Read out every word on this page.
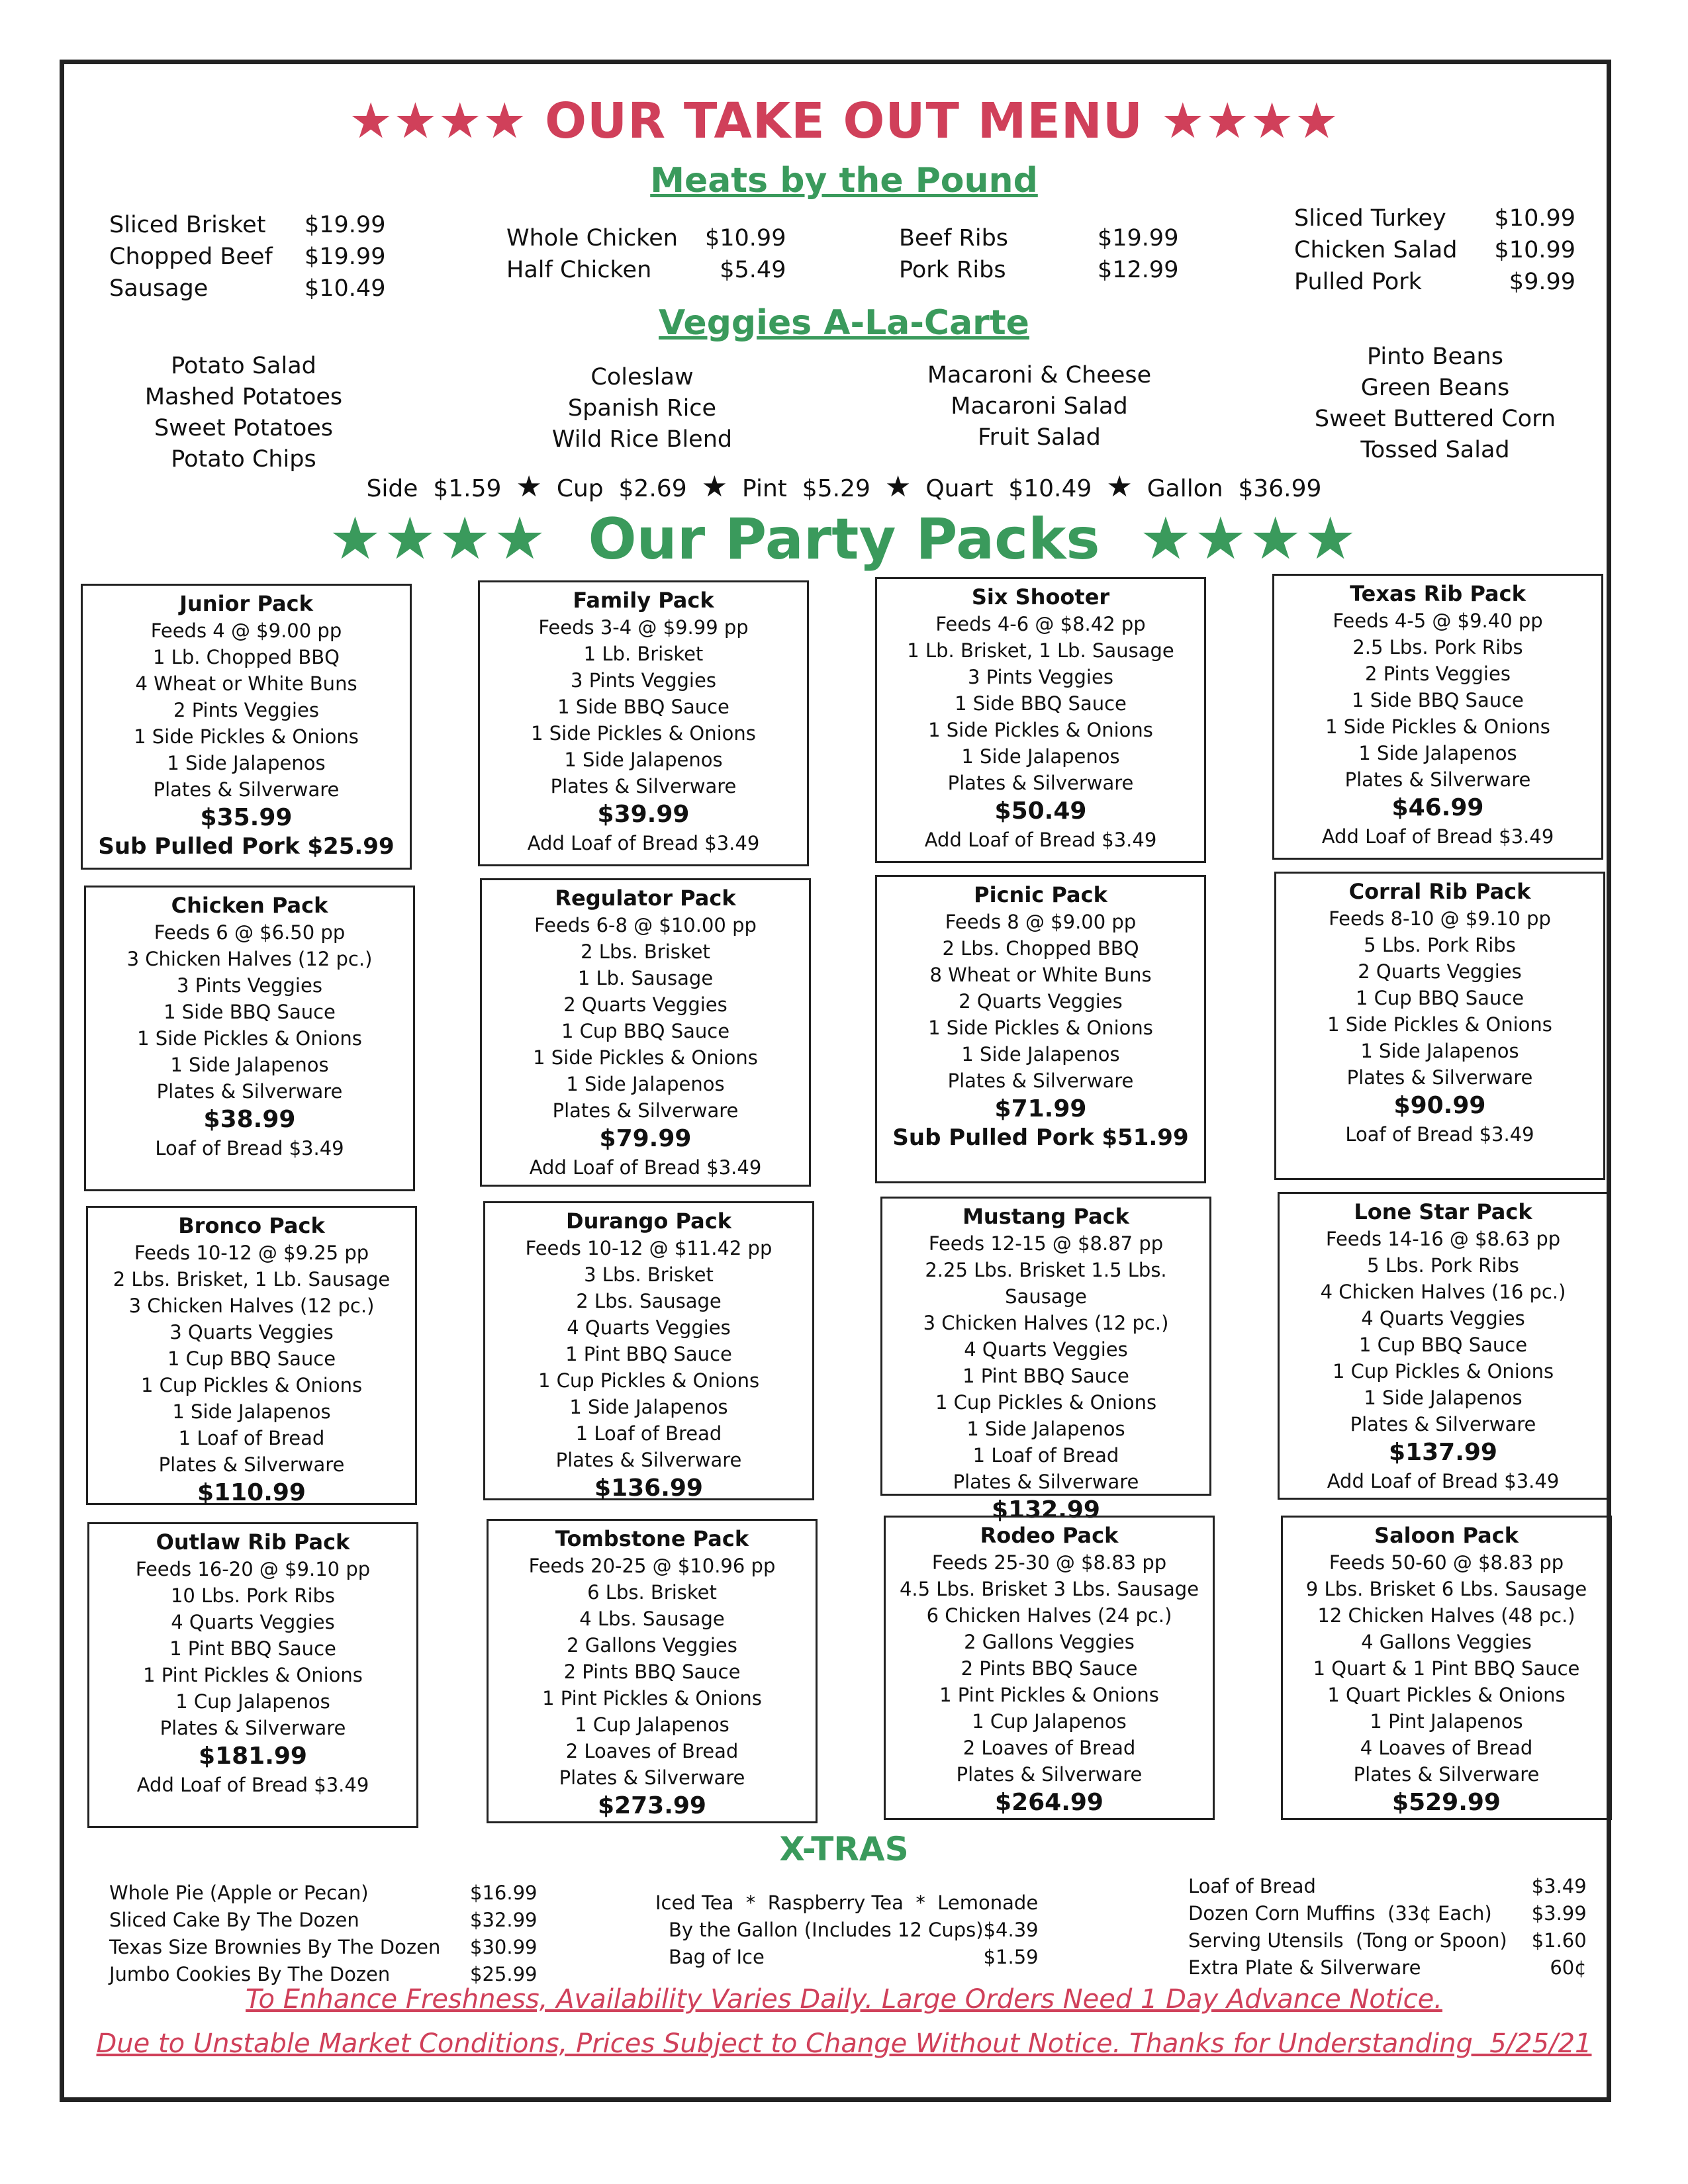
★★★★ OUR TAKE OUT MENU ★★★★
Meats by the Pound
Sliced Brisket	$19.99
Chopped Beef	$19.99
Sausage	$10.49
Whole Chicken	$10.99
Half Chicken	$5.49
Beef Ribs	$19.99
Pork Ribs	$12.99
Sliced Turkey	$10.99
Chicken Salad	$10.99
Pulled Pork	$9.99
Veggies A-La-Carte
Potato Salad
Mashed Potatoes
Sweet Potatoes
Potato Chips
Coleslaw
Spanish Rice
Wild Rice Blend
Macaroni & Cheese
Macaroni Salad
Fruit Salad
Pinto Beans
Green Beans
Sweet Buttered Corn
Tossed Salad
Side $1.59 ★ Cup $2.69 ★ Pint $5.29 ★ Quart $10.49 ★ Gallon $36.99
★★★★ Our Party Packs ★★★★
Junior Pack
Feeds 4 @ $9.00 pp
1 Lb. Chopped BBQ
4 Wheat or White Buns
2 Pints Veggies
1 Side Pickles & Onions
1 Side Jalapenos
Plates & Silverware
$35.99
Sub Pulled Pork $25.99
Family Pack
Feeds 3-4 @ $9.99 pp
1 Lb. Brisket
3 Pints Veggies
1 Side BBQ Sauce
1 Side Pickles & Onions
1 Side Jalapenos
Plates & Silverware
$39.99
Add Loaf of Bread $3.49
Six Shooter
Feeds 4-6 @ $8.42 pp
1 Lb. Brisket, 1 Lb. Sausage
3 Pints Veggies
1 Side BBQ Sauce
1 Side Pickles & Onions
1 Side Jalapenos
Plates & Silverware
$50.49
Add Loaf of Bread $3.49
Texas Rib Pack
Feeds 4-5 @ $9.40 pp
2.5 Lbs. Pork Ribs
2 Pints Veggies
1 Side BBQ Sauce
1 Side Pickles & Onions
1 Side Jalapenos
Plates & Silverware
$46.99
Add Loaf of Bread $3.49
Chicken Pack
Feeds 6 @ $6.50 pp
3 Chicken Halves (12 pc.)
3 Pints Veggies
1 Side BBQ Sauce
1 Side Pickles & Onions
1 Side Jalapenos
Plates & Silverware
$38.99
Loaf of Bread $3.49
Regulator Pack
Feeds 6-8 @ $10.00 pp
2 Lbs. Brisket
1 Lb. Sausage
2 Quarts Veggies
1 Cup BBQ Sauce
1 Side Pickles & Onions
1 Side Jalapenos
Plates & Silverware
$79.99
Add Loaf of Bread $3.49
Picnic Pack
Feeds 8 @ $9.00 pp
2 Lbs. Chopped BBQ
8 Wheat or White Buns
2 Quarts Veggies
1 Side Pickles & Onions
1 Side Jalapenos
Plates & Silverware
$71.99
Sub Pulled Pork $51.99
Corral Rib Pack
Feeds 8-10 @ $9.10 pp
5 Lbs. Pork Ribs
2 Quarts Veggies
1 Cup BBQ Sauce
1 Side Pickles & Onions
1 Side Jalapenos
Plates & Silverware
$90.99
Loaf of Bread $3.49
Bronco Pack
Feeds 10-12 @ $9.25 pp
2 Lbs. Brisket, 1 Lb. Sausage
3 Chicken Halves (12 pc.)
3 Quarts Veggies
1 Cup BBQ Sauce
1 Cup Pickles & Onions
1 Side Jalapenos
1 Loaf of Bread
Plates & Silverware
$110.99
Durango Pack
Feeds 10-12 @ $11.42 pp
3 Lbs. Brisket
2 Lbs. Sausage
4 Quarts Veggies
1 Pint BBQ Sauce
1 Cup Pickles & Onions
1 Side Jalapenos
1 Loaf of Bread
Plates & Silverware
$136.99
Mustang Pack
Feeds 12-15 @ $8.87 pp
2.25 Lbs. Brisket 1.5 Lbs. Sausage
3 Chicken Halves (12 pc.)
4 Quarts Veggies
1 Pint BBQ Sauce
1 Cup Pickles & Onions
1 Side Jalapenos
1 Loaf of Bread
Plates & Silverware
$132.99
Lone Star Pack
Feeds 14-16 @ $8.63 pp
5 Lbs. Pork Ribs
4 Chicken Halves (16 pc.)
4 Quarts Veggies
1 Cup BBQ Sauce
1 Cup Pickles & Onions
1 Side Jalapenos
Plates & Silverware
$137.99
Add Loaf of Bread $3.49
Outlaw Rib Pack
Feeds 16-20 @ $9.10 pp
10 Lbs. Pork Ribs
4 Quarts Veggies
1 Pint BBQ Sauce
1 Pint Pickles & Onions
1 Cup Jalapenos
Plates & Silverware
$181.99
Add Loaf of Bread $3.49
Tombstone Pack
Feeds 20-25 @ $10.96 pp
6 Lbs. Brisket
4 Lbs. Sausage
2 Gallons Veggies
2 Pints BBQ Sauce
1 Pint Pickles & Onions
1 Cup Jalapenos
2 Loaves of Bread
Plates & Silverware
$273.99
Rodeo Pack
Feeds 25-30 @ $8.83 pp
4.5 Lbs. Brisket 3 Lbs. Sausage
6 Chicken Halves (24 pc.)
2 Gallons Veggies
2 Pints BBQ Sauce
1 Pint Pickles & Onions
1 Cup Jalapenos
2 Loaves of Bread
Plates & Silverware
$264.99
Saloon Pack
Feeds 50-60 @ $8.83 pp
9 Lbs. Brisket 6 Lbs. Sausage
12 Chicken Halves (48 pc.)
4 Gallons Veggies
1 Quart & 1 Pint BBQ Sauce
1 Quart Pickles & Onions
1 Pint Jalapenos
4 Loaves of Bread
Plates & Silverware
$529.99
X-TRAS
Whole Pie (Apple or Pecan)	$16.99
Sliced Cake By The Dozen	$32.99
Texas Size Brownies By The Dozen	$30.99
Jumbo Cookies By The Dozen	$25.99
Iced Tea  *  Raspberry Tea  *  Lemonade
By the Gallon (Includes 12 Cups)	$4.39
Bag of Ice	$1.59
Loaf of Bread	$3.49
Dozen Corn Muffins  (33¢ Each)	$3.99
Serving Utensils  (Tong or Spoon)	$1.60
Extra Plate & Silverware	60¢
To Enhance Freshness, Availability Varies Daily. Large Orders Need 1 Day Advance Notice.
Due to Unstable Market Conditions, Prices Subject to Change Without Notice. Thanks for Understanding  5/25/21
